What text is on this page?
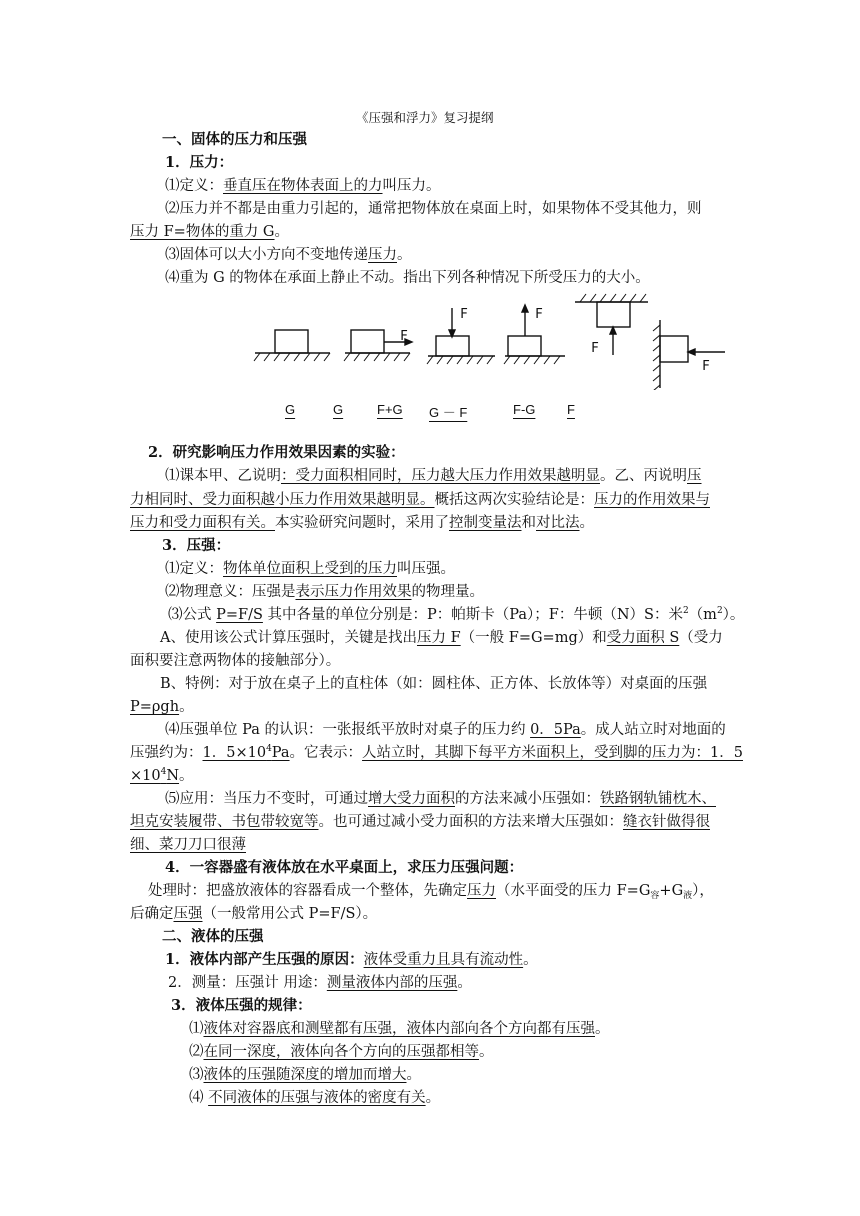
《压强和浮力》复习提纲
一、固体的压力和压强
1．压力：
⑴定义：垂直压在物体表面上的力叫压力。
⑵压力并不都是由重力引起的，通常把物体放在桌面上时，如果物体不受其他力，则
压力 F=物体的重力 G。
⑶固体可以大小方向不变地传递压力。
⑷重为 G 的物体在承面上静止不动。指出下列各种情况下所受压力的大小。
F
F	F
F
F
G	G	F+G G － F	F-G F
2．研究影响压力作用效果因素的实验：
⑴课本甲、乙说明：受力面积相同时，压力越大压力作用效果越明显。乙、丙说明压
力相同时、受力面积越小压力作用效果越明显。概括这两次实验结论是：压力的作用效果与
压力和受力面积有关。本实验研究问题时，采用了控制变量法和对比法。
3．压强：
⑴定义：物体单位面积上受到的压力叫压强。
⑵物理意义：压强是表示压力作用效果的物理量。
⑶公式 P=F/S 其中各量的单位分别是：P：帕斯卡（Pa）；F：牛顿（N）S：米$^2(m^2)$。
A、使用该公式计算压强时，关键是找出压力 F（一般 F=G=mg）和受力面积 S（受力
面积要注意两物体的接触部分）。
B、特例：对于放在桌子上的直柱体（如：圆柱体、正方体、长放体等）对桌面的压强
P=ρgh。
⑷压强单位 Pa 的认识：一张报纸平放时对桌子的压力约 0．5Pa。成人站立时对地面的
压强约为：1．$5\times 10^4Pa$。它表示：人站立时，其脚下每平方米面积上，受到脚的压力为：1．5
$\times 10^4N$。
⑸应用：当压力不变时，可通过增大受力面积的方法来减小压强如：铁路钢轨铺枕木、
坦克安装履带、书包带较宽等。也可通过减小受力面积的方法来增大压强如：缝衣针做得很
细、菜刀刀口很薄
4．一容器盛有液体放在水平桌面上，求压力压强问题：
处理时：把盛放液体的容器看成一个整体，先确定压力（水平面受的压力 $F=G_容+G_液$），
后确定压强（一般常用公式 P=F/S）。
二、液体的压强
1．液体内部产生压强的原因：液体受重力且具有流动性。
2．测量：压强计 用途：测量液体内部的压强。
3．液体压强的规律：
⑴液体对容器底和测壁都有压强，液体内部向各个方向都有压强。
⑵在同一深度，液体向各个方向的压强都相等。
⑶液体的压强随深度的增加而增大。
⑷ 不同液体的压强与液体的密度有关。
